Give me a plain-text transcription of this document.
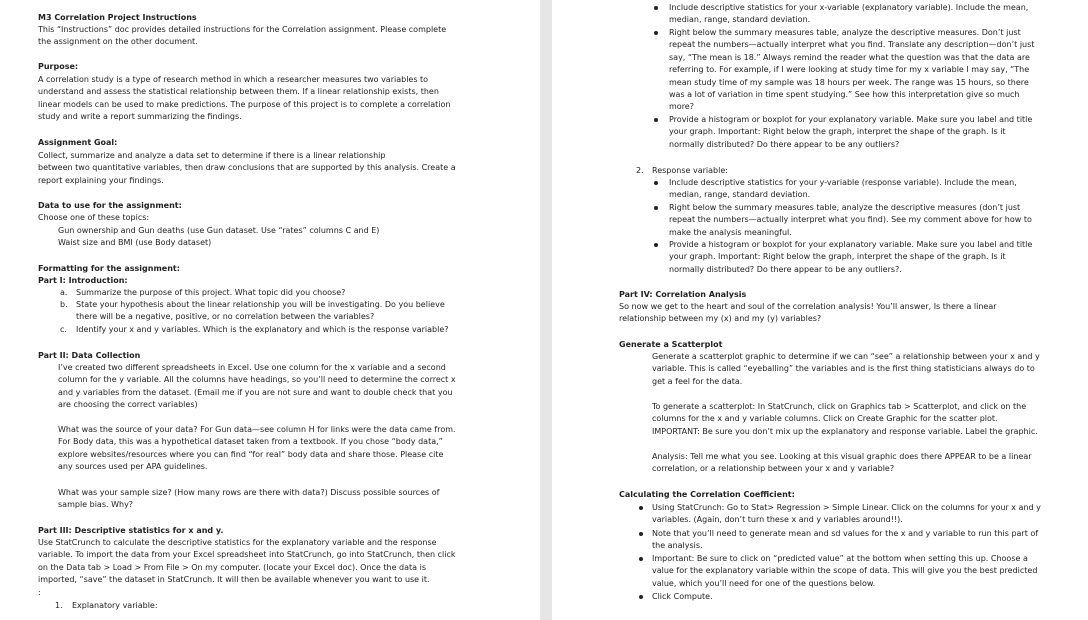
M3 Correlation Project Instructions
This “Instructions” doc provides detailed instructions for the Correlation assignment. Please complete
the assignment on the other document.
Purpose:
A correlation study is a type of research method in which a researcher measures two variables to
understand and assess the statistical relationship between them. If a linear relationship exists, then
linear models can be used to make predictions. The purpose of this project is to complete a correlation
study and write a report summarizing the findings.
Assignment Goal:
Collect, summarize and analyze a data set to determine if there is a linear relationship
between two quantitative variables, then draw conclusions that are supported by this analysis. Create a
report explaining your findings.
Data to use for the assignment:
Choose one of these topics:
Gun ownership and Gun deaths (use Gun dataset. Use “rates” columns C and E)
Waist size and BMI (use Body dataset)
Formatting for the assignment:
Part I: Introduction:
a. Summarize the purpose of this project. What topic did you choose?
b. State your hypothesis about the linear relationship you will be investigating. Do you believe
there will be a negative, positive, or no correlation between the variables?
c. Identify your x and y variables. Which is the explanatory and which is the response variable?
Part II: Data Collection
I’ve created two different spreadsheets in Excel. Use one column for the x variable and a second
column for the y variable. All the columns have headings, so you’ll need to determine the correct x
and y variables from the dataset. (Email me if you are not sure and want to double check that you
are choosing the correct variables)
What was the source of your data? For Gun data—see column H for links were the data came from.
For Body data, this was a hypothetical dataset taken from a textbook. If you chose “body data,”
explore websites/resources where you can find “for real” body data and share those. Please cite
any sources used per APA guidelines.
What was your sample size? (How many rows are there with data?) Discuss possible sources of
sample bias. Why?
Part III: Descriptive statistics for x and y.
Use StatCrunch to calculate the descriptive statistics for the explanatory variable and the response
variable. To import the data from your Excel spreadsheet into StatCrunch, go into StatCrunch, then click
on the Data tab > Load > From File > On my computer. (locate your Excel doc). Once the data is
imported, “save” the dataset in StatCrunch. It will then be available whenever you want to use it.
:
1. Explanatory variable:
Include descriptive statistics for your x-variable (explanatory variable). Include the mean,
median, range, standard deviation.
Right below the summary measures table, analyze the descriptive measures. Don’t just
repeat the numbers—actually interpret what you find. Translate any description—don’t just
say, “The mean is 18.” Always remind the reader what the question was that the data are
referring to. For example, if I were looking at study time for my x variable I may say, “The
mean study time of my sample was 18 hours per week. The range was 15 hours, so there
was a lot of variation in time spent studying.” See how this interpretation give so much
more?
Provide a histogram or boxplot for your explanatory variable. Make sure you label and title
your graph. Important: Right below the graph, interpret the shape of the graph. Is it
normally distributed? Do there appear to be any outliers?
2. Response variable:
Include descriptive statistics for your y-variable (response variable). Include the mean,
median, range, standard deviation.
Right below the summary measures table, analyze the descriptive measures (don’t just
repeat the numbers—actually interpret what you find). See my comment above for how to
make the analysis meaningful.
Provide a histogram or boxplot for your explanatory variable. Make sure you label and title
your graph. Important: Right below the graph, interpret the shape of the graph. Is it
normally distributed? Do there appear to be any outliers?.
Part IV: Correlation Analysis
So now we get to the heart and soul of the correlation analysis! You’ll answer, Is there a linear
relationship between my (x) and my (y) variables?
Generate a Scatterplot
Generate a scatterplot graphic to determine if we can “see” a relationship between your x and y
variable. This is called “eyeballing” the variables and is the first thing statisticians always do to
get a feel for the data.
To generate a scatterplot: In StatCrunch, click on Graphics tab > Scatterplot, and click on the
columns for the x and y variable columns. Click on Create Graphic for the scatter plot.
IMPORTANT: Be sure you don’t mix up the explanatory and response variable. Label the graphic.
Analysis: Tell me what you see. Looking at this visual graphic does there APPEAR to be a linear
correlation, or a relationship between your x and y variable?
Calculating the Correlation Coefficient:
Using StatCrunch: Go to Stat> Regression > Simple Linear. Click on the columns for your x and y
variables. (Again, don’t turn these x and y variables around!!).
Note that you’ll need to generate mean and sd values for the x and y variable to run this part of
the analysis.
Important: Be sure to click on “predicted value” at the bottom when setting this up. Choose a
value for the explanatory variable within the scope of data. This will give you the best predicted
value, which you’ll need for one of the questions below.
Click Compute.
